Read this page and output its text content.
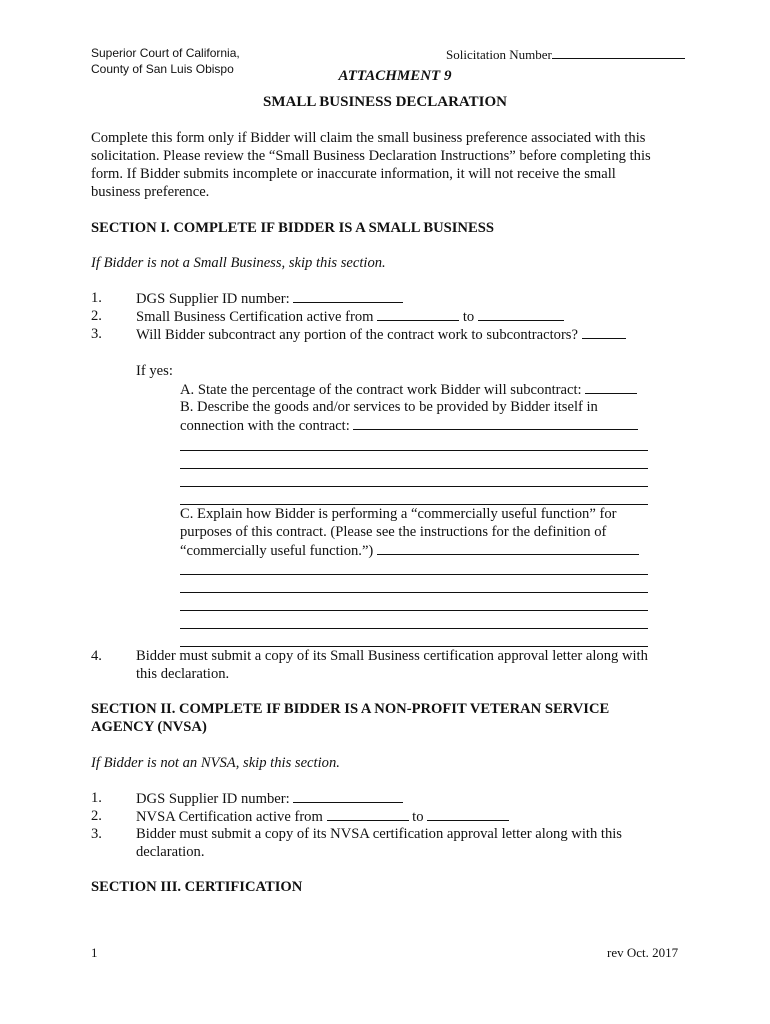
Superior Court of California,
County of San Luis Obispo
Solicitation Number
ATTACHMENT 9
SMALL BUSINESS DECLARATION
Complete this form only if Bidder will claim the small business preference associated with this
solicitation. Please review the “Small Business Declaration Instructions” before completing this
form. If Bidder submits incomplete or inaccurate information, it will not receive the small
business preference.
SECTION I. COMPLETE IF BIDDER IS A SMALL BUSINESS
If Bidder is not a Small Business, skip this section.
1. DGS Supplier ID number:
2. Small Business Certification active from	to
3. Will Bidder subcontract any portion of the contract work to subcontractors?
If yes:
A. State the percentage of the contract work Bidder will subcontract:
B. Describe the goods and/or services to be provided by Bidder itself in
connection with the contract:
C. Explain how Bidder is performing a “commercially useful function” for
purposes of this contract. (Please see the instructions for the definition of
“commercially useful function.”)
4. Bidder must submit a copy of its Small Business certification approval letter along with
this declaration.
SECTION II. COMPLETE IF BIDDER IS A NON-PROFIT VETERAN SERVICE
AGENCY (NVSA)
If Bidder is not an NVSA, skip this section.
1. DGS Supplier ID number:
2. NVSA Certification active from	to
3. Bidder must submit a copy of its NVSA certification approval letter along with this
declaration.
SECTION III. CERTIFICATION
1	rev Oct. 2017
